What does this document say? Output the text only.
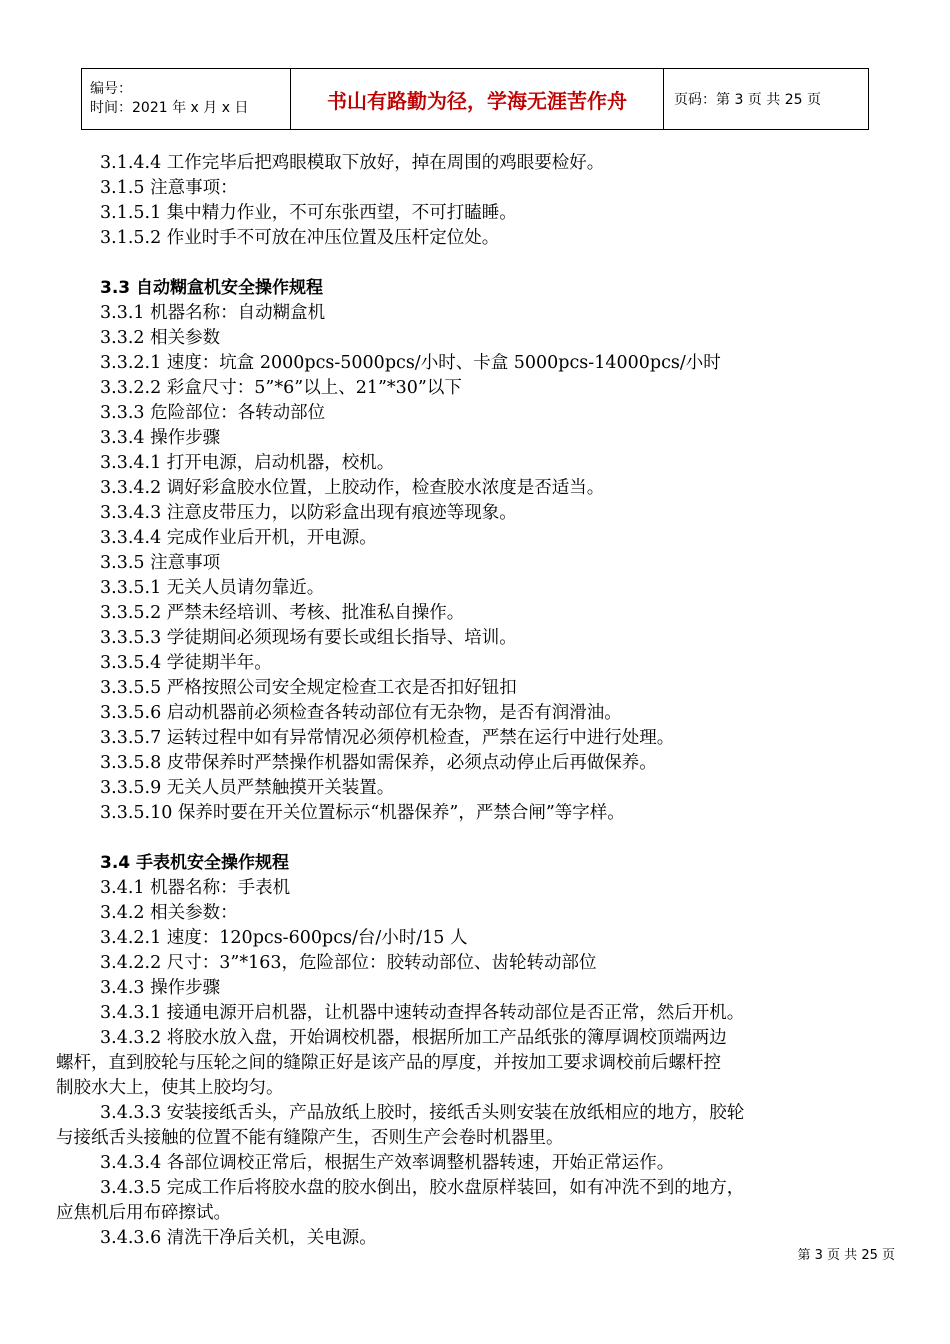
编号：
时间：2021 年 x 月 x 日	书山有路勤为径，学海无涯苦作舟	页码：第 3 页 共 25 页
3.1.4.4 工作完毕后把鸡眼模取下放好，掉在周围的鸡眼要检好。
3.1.5 注意事项：
3.1.5.1 集中精力作业，不可东张西望，不可打瞌睡。
3.1.5.2 作业时手不可放在冲压位置及压杆定位处。
3.3 自动糊盒机安全操作规程
3.3.1 机器名称：自动糊盒机
3.3.2 相关参数
3.3.2.1 速度：坑盒 2000pcs-5000pcs/小时、卡盒 5000pcs-14000pcs/小时
3.3.2.2 彩盒尺寸：5”*6”以上、21”*30”以下
3.3.3 危险部位：各转动部位
3.3.4 操作步骤
3.3.4.1 打开电源，启动机器，校机。
3.3.4.2 调好彩盒胶水位置，上胶动作，检查胶水浓度是否适当。
3.3.4.3 注意皮带压力，以防彩盒出现有痕迹等现象。
3.3.4.4 完成作业后开机，开电源。
3.3.5 注意事项
3.3.5.1 无关人员请勿靠近。
3.3.5.2 严禁未经培训、考核、批准私自操作。
3.3.5.3 学徒期间必须现场有要长或组长指导、培训。
3.3.5.4 学徒期半年。
3.3.5.5 严格按照公司安全规定检查工衣是否扣好钮扣
3.3.5.6 启动机器前必须检查各转动部位有无杂物，是否有润滑油。
3.3.5.7 运转过程中如有异常情况必须停机检查，严禁在运行中进行处理。
3.3.5.8 皮带保养时严禁操作机器如需保养，必须点动停止后再做保养。
3.3.5.9 无关人员严禁触摸开关装置。
3.3.5.10 保养时要在开关位置标示“机器保养”，严禁合闸”等字样。
3.4 手表机安全操作规程
3.4.1 机器名称：手表机
3.4.2 相关参数：
3.4.2.1 速度：120pcs-600pcs/台/小时/15 人
3.4.2.2 尺寸：3”*163，危险部位：胶转动部位、齿轮转动部位
3.4.3 操作步骤
3.4.3.1 接通电源开启机器，让机器中速转动查捍各转动部位是否正常，然后开机。
3.4.3.2 将胶水放入盘，开始调校机器，根据所加工产品纸张的簿厚调校顶端两边
螺杆，直到胶轮与压轮之间的缝隙正好是该产品的厚度，并按加工要求调校前后螺杆控
制胶水大上，使其上胶均匀。
3.4.3.3 安装接纸舌头，产品放纸上胶时，接纸舌头则安装在放纸相应的地方，胶轮
与接纸舌头接触的位置不能有缝隙产生，否则生产会卷时机器里。
3.4.3.4 各部位调校正常后，根据生产效率调整机器转速，开始正常运作。
3.4.3.5 完成工作后将胶水盘的胶水倒出，胶水盘原样装回，如有冲洗不到的地方，
应焦机后用布碎擦试。
3.4.3.6 清洗干净后关机，关电源。
第 3 页 共 25 页
